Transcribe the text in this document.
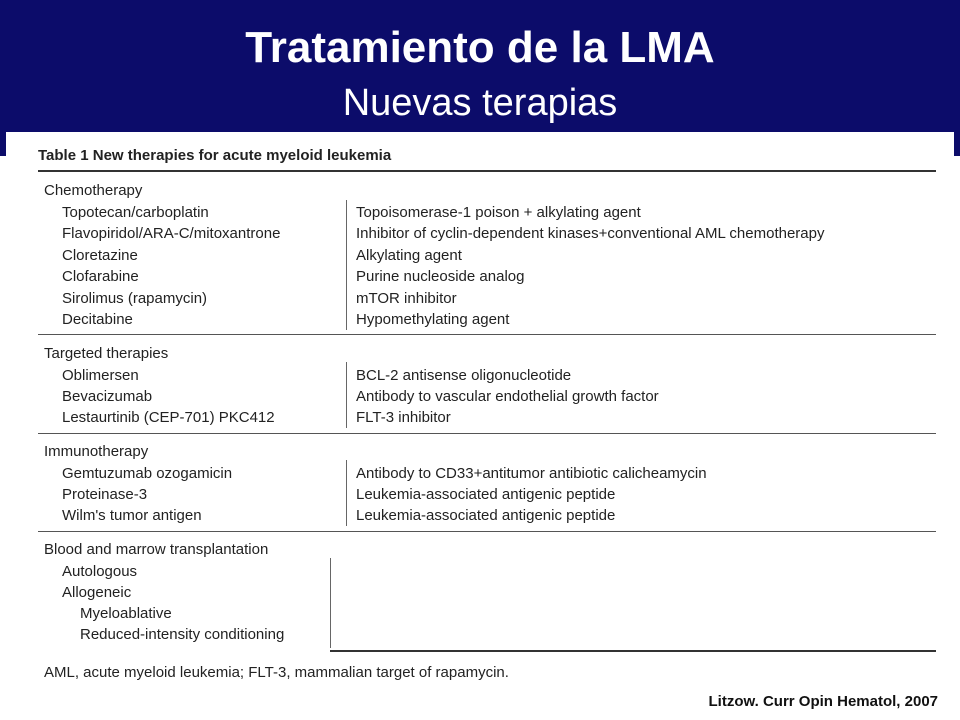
Tratamiento de la LMA
Nuevas terapias
Table 1 New therapies for acute myeloid leukemia
Chemotherapy
Topotecan/carboplatin	Topoisomerase-1 poison + alkylating agent
Flavopiridol/ARA-C/mitoxantrone	Inhibitor of cyclin-dependent kinases+conventional AML chemotherapy
Cloretazine	Alkylating agent
Clofarabine	Purine nucleoside analog
Sirolimus (rapamycin)	mTOR inhibitor
Decitabine	Hypomethylating agent
Targeted therapies
Oblimersen	BCL-2 antisense oligonucleotide
Bevacizumab	Antibody to vascular endothelial growth factor
Lestaurtinib (CEP-701) PKC412	FLT-3 inhibitor
Immunotherapy
Gemtuzumab ozogamicin	Antibody to CD33+antitumor antibiotic calicheamycin
Proteinase-3	Leukemia-associated antigenic peptide
Wilm's tumor antigen	Leukemia-associated antigenic peptide
Blood and marrow transplantation
Autologous
Allogeneic
Myeloablative
Reduced-intensity conditioning
AML, acute myeloid leukemia; FLT-3, mammalian target of rapamycin.
Litzow. Curr Opin Hematol, 2007
